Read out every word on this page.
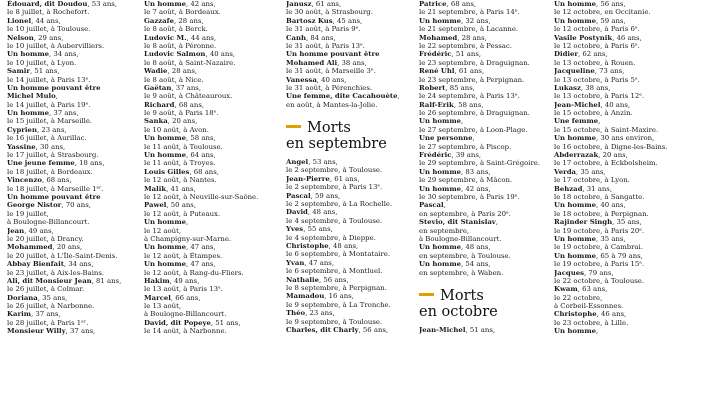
Édouard, dit Doudou, 53 ans,
le 8 juillet, à Rochefort.
Lionel, 44 ans,
le 10 juillet, à Toulouse.
Nelson, 29 ans,
le 10 juillet, à Aubervilliers.
Un homme, 34 ans,
le 10 juillet, à Lyon.
Samir, 51 ans,
le 14 juillet, à Paris 13ᵉ.
Un homme pouvant être
Michel Mulo,
le 14 juillet, à Paris 19ᵉ.
Un homme, 37 ans,
le 15 juillet, à Marseille.
Cyprien, 23 ans,
le 16 juillet, à Aurillac.
Yassine, 30 ans,
le 17 juillet, à Strasbourg.
Une jeune femme, 18 ans,
le 18 juillet, à Bordeaux.
Vincenzo, 68 ans,
le 18 juillet, à Marseille 1ᵉʳ.
Un homme pouvant être
George Nistor, 70 ans,
le 19 juillet,
à Boulogne-Billancourt.
Jean, 49 ans,
le 20 juillet, à Drancy.
Mohammed, 20 ans,
le 20 juillet, à L'Île-Saint-Denis.
Abbay Bienfait, 34 ans,
le 23 juillet, à Aix-les-Bains.
Ali, dit Monsieur Jean, 81 ans,
le 26 juillet, à Colmar.
Doriana, 35 ans,
le 26 juillet, à Narbonne.
Karim, 37 ans,
le 28 juillet, à Paris 1ᵉʳ.
Monsieur Willy, 37 ans,
Un homme, 42 ans,
le 7 août, à Bordeaux.
Gazzafe, 28 ans,
le 8 août, à Berck.
Ludovic M., 44 ans,
le 8 août, à Péronne.
Ludovic Salmon, 40 ans,
le 8 août, à Saint-Nazaire.
Wadie, 28 ans,
le 8 août, à Nice.
Gaëtan, 37 ans,
le 9 août, à Châteauroux.
Richard, 68 ans,
le 9 août, à Paris 18ᵉ.
Sanka, 20 ans,
le 10 août, à Avon.
Un homme, 58 ans,
le 11 août, à Toulouse.
Un homme, 64 ans,
le 11 août, à Troyes.
Louis Gilles, 68 ans,
le 12 août, à Nantes.
Malik, 41 ans,
le 12 août, à Neuville-sur-Saône.
Pawel, 50 ans,
le 12 août, à Puteaux.
Un homme,
le 12 août,
à Champigny-sur-Marne.
Un homme, 47 ans,
le 12 août, à Étampes.
Un homme, 47 ans,
le 12 août, à Rang-du-Fliers.
Hakim, 49 ans,
le 13 août, à Paris 13ᵉ.
Marcel, 66 ans,
le 13 août,
à Boulogne-Billancourt.
David, dit Popeye, 51 ans,
le 14 août, à Narbonne.
Janusz, 61 ans,
le 30 août, à Strasbourg.
Bartosz Kus, 45 ans,
le 31 août, à Paris 9ᵉ.
Canh, 84 ans,
le 31 août, à Paris 13ᵉ.
Un homme pouvant être
Mohamed Ali, 38 ans,
le 31 août, à Marseille 3ᵉ.
Vanessa, 40 ans,
le 31 août, à Pérenchies.
Une femme, dite Cacahouète,
en août, à Mantes-la-Jolie.
Morts
en septembre
Angel, 53 ans,
le 2 septembre, à Toulouse.
Jean-Pierre, 61 ans,
le 2 septembre, à Paris 13ᵉ.
Pascal, 59 ans,
le 2 septembre, à La Rochelle.
David, 48 ans,
le 4 septembre, à Toulouse.
Yves, 55 ans,
le 4 septembre, à Dieppe.
Christophe, 48 ans,
le 6 septembre, à Montataire.
Yvan, 47 ans,
le 6 septembre, à Montluel.
Nathalie, 56 ans,
le 8 septembre, à Perpignan.
Mamadou, 16 ans,
le 9 septembre, à La Tronche.
Théo, 23 ans,
le 9 septembre, à Toulouse.
Charles, dit Charly, 56 ans,
Patrice, 68 ans,
le 21 septembre, à Paris 14ᵉ.
Un homme, 32 ans,
le 21 septembre, à Lacanne.
Mohamed, 28 ans,
le 22 septembre, à Pessac.
Frédéric, 51 ans,
le 23 septembre, à Draguignan.
René Uhl, 61 ans,
le 23 septembre, à Perpignan.
Robert, 85 ans,
le 24 septembre, à Paris 13ᵉ.
Ralf-Erik, 58 ans,
le 26 septembre, à Draguignan.
Un homme,
le 27 septembre, à Loon-Plage.
Une personne,
le 27 septembre, à Piscop.
Frédéric, 39 ans,
le 29 septembre, à Saint-Grégoire.
Un homme, 83 ans,
le 29 septembre, à Mâcon.
Un homme, 42 ans,
le 30 septembre, à Paris 19ᵉ.
Pascal,
en septembre, à Paris 20ᵉ.
Stevio, dit Stanislav,
en septembre,
à Boulogne-Billancourt.
Un homme, 48 ans,
en septembre, à Toulouse.
Un homme, 54 ans,
en septembre, à Waben.
Morts
en octobre
Jean-Michel, 51 ans,
Un homme, 56 ans,
le 12 octobre, en Occitanie.
Un homme, 59 ans,
le 12 octobre, à Paris 6ᵉ.
Vasile Postynik, 46 ans,
le 12 octobre, à Paris 6ᵉ.
Didier, 62 ans,
le 13 octobre, à Rouen.
Jacqueline, 73 ans,
le 13 octobre, à Paris 5ᵉ.
Lukasz, 38 ans,
le 13 octobre, à Paris 12ᵉ.
Jean-Michel, 40 ans,
le 15 octobre, à Anzin.
Une femme,
le 15 octobre, à Saint-Maxire.
Un homme, 30 ans environ,
le 16 octobre, à Digne-les-Bains.
Abderrazak, 20 ans,
le 17 octobre, à Eckbolsheim.
Verda, 35 ans,
le 17 octobre, à Lyon.
Behzad, 31 ans,
le 18 octobre, à Sangatte.
Un homme, 40 ans,
le 18 octobre, à Perpignan.
Rajinder Singh, 35 ans,
le 19 octobre, à Paris 20ᵉ.
Un homme, 35 ans,
le 19 octobre, à Cambrai.
Un homme, 65 à 79 ans,
le 19 octobre, à Paris 15ᵉ.
Jacques, 79 ans,
le 22 octobre, à Toulouse.
Kwam, 63 ans,
le 22 octobre,
à Corbeil-Essonnes.
Christophe, 46 ans,
le 23 octobre, à Lille.
Un homme,
